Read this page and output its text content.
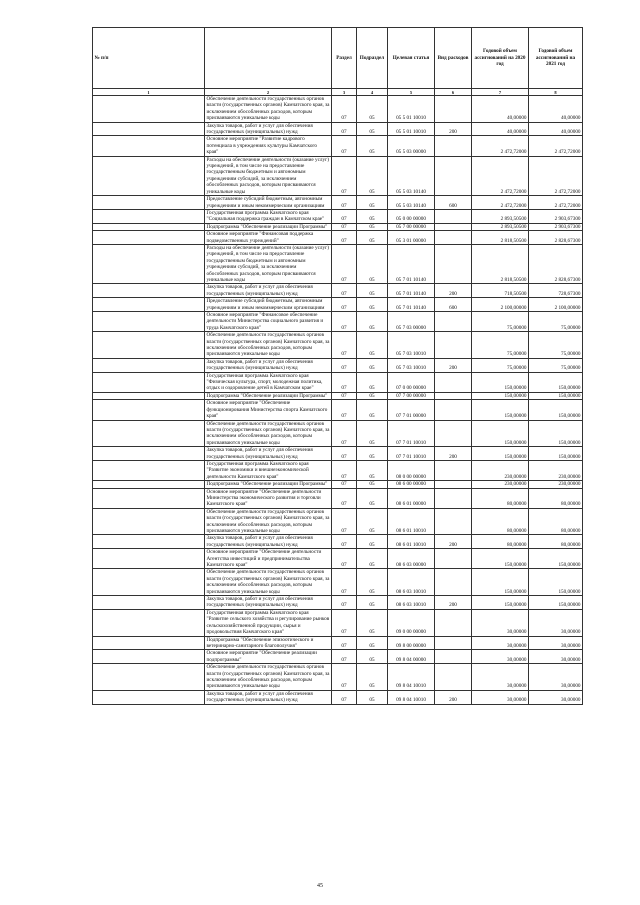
№ п/п		Раздел	Подраздел	Целевая статья	Вид расходов	Годовой объем ассигнований на 2020 год	Годовой объем ассигнований на 2021 год
1	2	3	4	5	6	7	8
	Обеспечение деятельности государственных органов власти (государственных органов) Камчатского края, за исключением обособленных расходов, которым присваиваются уникальные коды	07	05	05 5 01 10010		40,00000	40,00000
	Закупка товаров, работ и услуг для обеспечения государственных (муниципальных) нужд	07	05	05 5 01 10010	200	40,00000	40,00000
	Основное мероприятие "Развитие кадрового потенциала в учреждениях культуры Камчатского края"	07	05	05 5 03 00000		2 472,72000	2 472,72000
	Расходы на обеспечение деятельности (оказание услуг) учреждений, в том числе на предоставление государственным бюджетным и автономным учреждениям субсидий, за исключением обособленных расходов, которым присваиваются уникальные коды	07	05	05 5 03 10140		2 472,72000	2 472,72000
	Предоставление субсидий бюджетным, автономным учреждениям и иным некоммерческим организациям	07	05	05 5 03 10140	600	2 472,72000	2 472,72000
	Государственная программа Камчатского края "Социальная поддержка граждан в Камчатском крае"	07	05	05 0 00 00000		2 893,50500	2 903,67300
	Подпрограмма "Обеспечение реализации Программы"	07	05	05 7 00 00000		2 893,50500	2 903,67300
	Основное мероприятие "Финансовая поддержка подведомственных учреждений"	07	05	05 3 01 00000		2 818,50500	2 828,67300
	Расходы на обеспечение деятельности (оказание услуг) учреждений, в том числе на предоставление государственным бюджетным и автономным учреждениям субсидий, за исключением обособленных расходов, которым присваиваются уникальные коды	07	05	05 7 01 10140		2 818,50500	2 828,67300
	Закупка товаров, работ и услуг для обеспечения государственных (муниципальных) нужд	07	05	05 7 01 10140	200	718,50500	728,67300
	Предоставление субсидий бюджетным, автономным учреждениям и иным некоммерческим организациям	07	05	05 7 01 10140	600	2 100,00000	2 100,00000
	Основное мероприятие "Финансовое обеспечение деятельности Министерства социального развития и труда Камчатского края"	07	05	05 7 03 00000		75,00000	75,00000
	Обеспечение деятельности государственных органов власти (государственных органов) Камчатского края, за исключением обособленных расходов, которым присваиваются уникальные коды	07	05	05 7 03 10010		75,00000	75,00000
	Закупка товаров, работ и услуг для обеспечения государственных (муниципальных) нужд	07	05	05 7 03 10010	200	75,00000	75,00000
	Государственная программа Камчатского края "Физическая культура, спорт, молодежная политика, отдых и оздоровление детей в Камчатском крае"	07	05	07 0 00 00000		150,00000	150,00000
	Подпрограмма "Обеспечение реализации Программы"	07	05	07 7 00 00000		150,00000	150,00000
	Основное мероприятие "Обеспечение функционирования Министерства спорта Камчатского края"	07	05	07 7 01 00000		150,00000	150,00000
	Обеспечение деятельности государственных органов власти (государственных органов) Камчатского края, за исключением обособленных расходов, которым присваиваются уникальные коды	07	05	07 7 01 10010		150,00000	150,00000
	Закупка товаров, работ и услуг для обеспечения государственных (муниципальных) нужд	07	05	07 7 01 10010	200	150,00000	150,00000
	Государственная программа Камчатского края "Развитие экономики и внешнеэкономической деятельности Камчатского края"	07	05	08 0 00 00000		230,00000	230,00000
	Подпрограмма "Обеспечение реализации Программы"	07	05	08 6 00 00000		230,00000	230,00000
	Основное мероприятие "Обеспечение деятельности Министерства экономического развития и торговли Камчатского края"	07	05	08 6 01 00000		80,00000	80,00000
	Обеспечение деятельности государственных органов власти (государственных органов) Камчатского края, за исключением обособленных расходов, которым присваиваются уникальные коды	07	05	08 6 01 10010		80,00000	80,00000
	Закупка товаров, работ и услуг для обеспечения государственных (муниципальных) нужд	07	05	08 6 01 10010	200	80,00000	80,00000
	Основное мероприятие "Обеспечение деятельности Агентства инвестиций и предпринимательства Камчатского края"	07	05	08 6 03 00000		150,00000	150,00000
	Обеспечение деятельности государственных органов власти (государственных органов) Камчатского края, за исключением обособленных расходов, которым присваиваются уникальные коды	07	05	08 6 03 10010		150,00000	150,00000
	Закупка товаров, работ и услуг для обеспечения государственных (муниципальных) нужд	07	05	08 6 03 10010	200	150,00000	150,00000
	Государственная программа Камчатского края "Развитие сельского хозяйства и регулирование рынков сельскохозяйственной продукции, сырья и продовольствия Камчатского края"	07	05	09 0 00 00000		30,00000	30,00000
	Подпрограмма "Обеспечение эпизоотического и ветеринарно-санитарного благополучия"	07	05	09 8 00 00000		30,00000	30,00000
	Основное мероприятие "Обеспечение реализации подпрограммы"	07	05	09 8 04 00000		30,00000	30,00000
	Обеспечение деятельности государственных органов власти (государственных органов) Камчатского края, за исключением обособленных расходов, которым присваиваются уникальные коды	07	05	09 8 04 10010		30,00000	30,00000
	Закупка товаров, работ и услуг для обеспечения государственных (муниципальных) нужд	07	05	09 8 04 10010	200	30,00000	30,00000
45
